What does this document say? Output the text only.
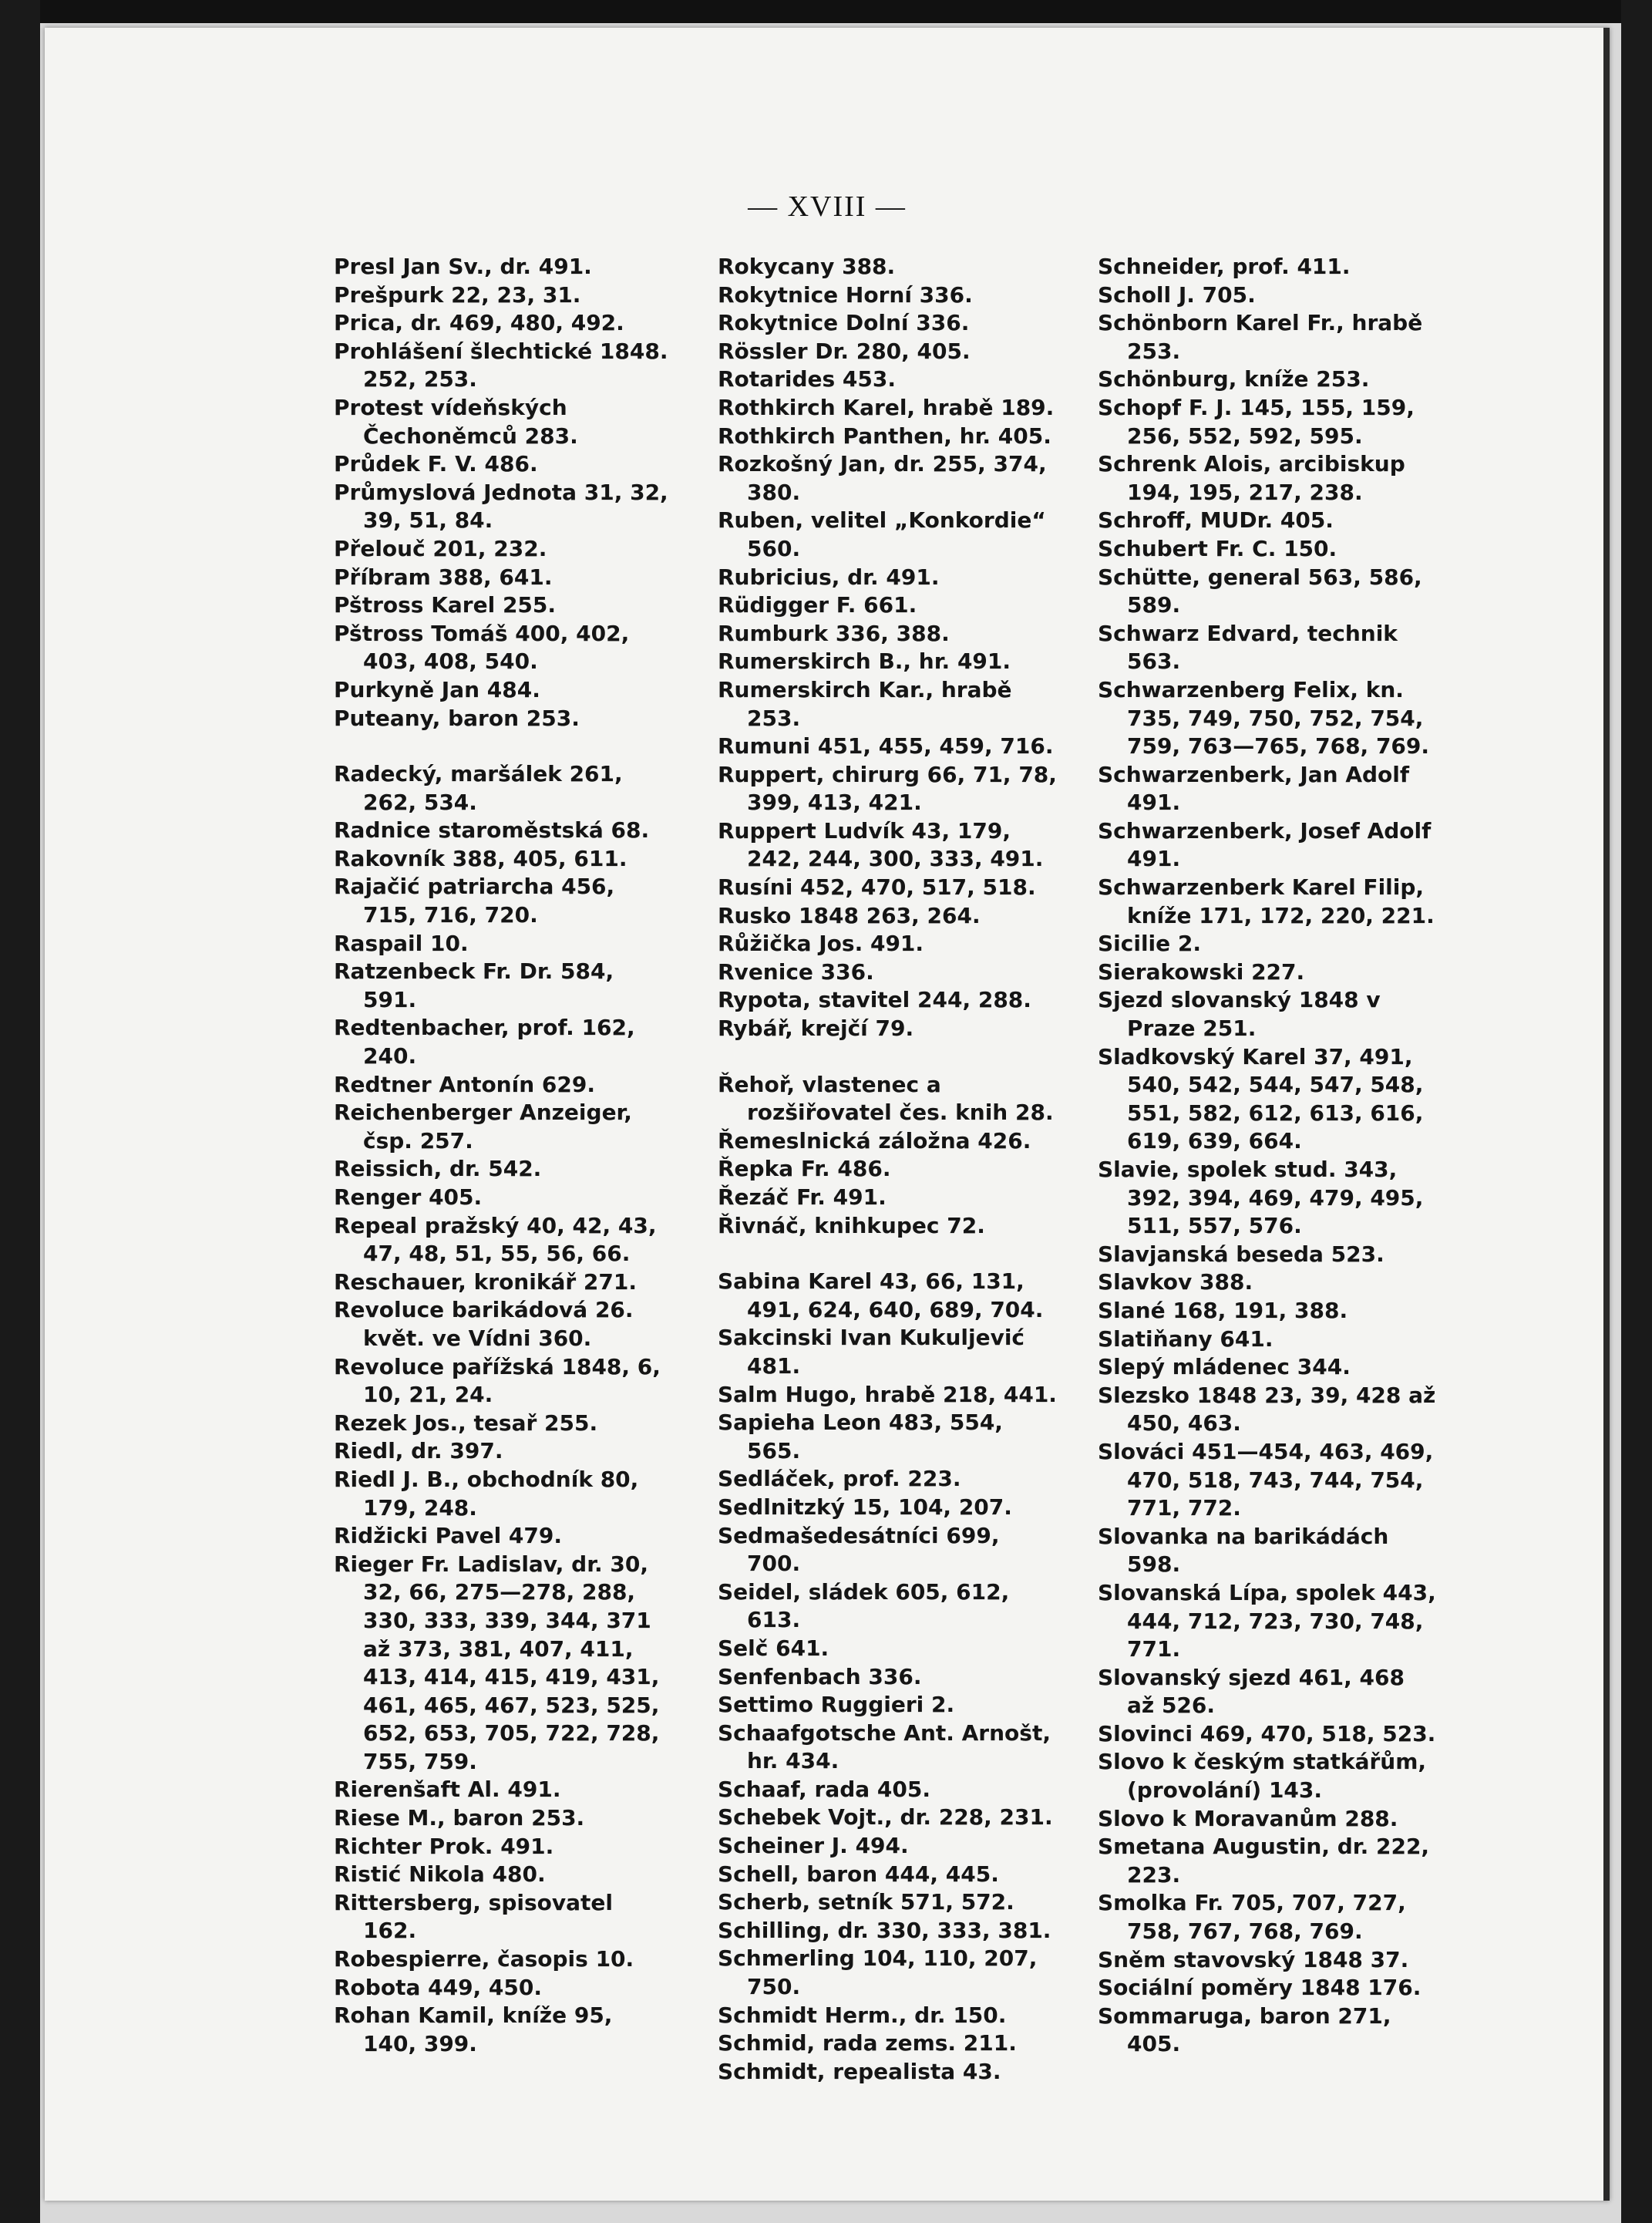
— XVIII —

Presl Jan Sv., dr. 491.

Prešpurk 22, 23, 31.

Prica, dr. 469, 480, 492.

Prohlášení šlechtické 1848. 252, 253.

Protest vídeňských Čechoněmců 283.

Průdek F. V. 486.

Průmyslová Jednota 31, 32, 39, 51, 84.

Přelouč 201, 232.

Příbram 388, 641.

Pštross Karel 255.

Pštross Tomáš 400, 402, 403, 408, 540.

Purkyně Jan 484.

Puteany, baron 253.

Radecký, maršálek 261, 262, 534.

Radnice staroměstská 68.

Rakovník 388, 405, 611.

Rajačić patriarcha 456, 715, 716, 720.

Raspail 10.

Ratzenbeck Fr. Dr. 584, 591.

Redtenbacher, prof. 162, 240.

Redtner Antonín 629.

Reichenberger Anzeiger, čsp. 257.

Reissich, dr. 542.

Renger 405.

Repeal pražský 40, 42, 43, 47, 48, 51, 55, 56, 66.

Reschauer, kronikář 271.

Revoluce barikádová 26. květ. ve Vídni 360.

Revoluce pařížská 1848, 6, 10, 21, 24.

Rezek Jos., tesař 255.

Riedl, dr. 397.

Riedl J. B., obchodník 80, 179, 248.

Ridžicki Pavel 479.

Rieger Fr. Ladislav, dr. 30, 32, 66, 275—278, 288, 330, 333, 339, 344, 371 až 373, 381, 407, 411, 413, 414, 415, 419, 431, 461, 465, 467, 523, 525, 652, 653, 705, 722, 728, 755, 759.

Rierenšaft Al. 491.

Riese M., baron 253.

Richter Prok. 491.

Ristić Nikola 480.

Rittersberg, spisovatel 162.

Robespierre, časopis 10.

Robota 449, 450.

Rohan Kamil, kníže 95, 140, 399.

Rokycany 388.

Rokytnice Horní 336.

Rokytnice Dolní 336.

Rössler Dr. 280, 405.

Rotarides 453.

Rothkirch Karel, hrabě 189.

Rothkirch Panthen, hr. 405.

Rozkošný Jan, dr. 255, 374, 380.

Ruben, velitel „Konkordie“ 560.

Rubricius, dr. 491.

Rüdigger F. 661.

Rumburk 336, 388.

Rumerskirch B., hr. 491.

Rumerskirch Kar., hrabě 253.

Rumuni 451, 455, 459, 716.

Ruppert, chirurg 66, 71, 78, 399, 413, 421.

Ruppert Ludvík 43, 179, 242, 244, 300, 333, 491.

Rusíni 452, 470, 517, 518.

Rusko 1848 263, 264.

Růžička Jos. 491.

Rvenice 336.

Rypota, stavitel 244, 288.

Rybář, krejčí 79.

Řehoř, vlastenec a rozšiřovatel čes. knih 28.

Řemeslnická záložna 426.

Řepka Fr. 486.

Řezáč Fr. 491.

Řivnáč, knihkupec 72.

Sabina Karel 43, 66, 131, 491, 624, 640, 689, 704.

Sakcinski Ivan Kukuljević 481.

Salm Hugo, hrabě 218, 441.

Sapieha Leon 483, 554, 565.

Sedláček, prof. 223.

Sedlnitzký 15, 104, 207.

Sedmašedesátníci 699, 700.

Seidel, sládek 605, 612, 613.

Selč 641.

Senfenbach 336.

Settimo Ruggieri 2.

Schaafgotsche Ant. Arnošt, hr. 434.

Schaaf, rada 405.

Schebek Vojt., dr. 228, 231.

Scheiner J. 494.

Schell, baron 444, 445.

Scherb, setník 571, 572.

Schilling, dr. 330, 333, 381.

Schmerling 104, 110, 207, 750.

Schmidt Herm., dr. 150.

Schmid, rada zems. 211.

Schmidt, repealista 43.

Schneider, prof. 411.

Scholl J. 705.

Schönborn Karel Fr., hrabě 253.

Schönburg, kníže 253.

Schopf F. J. 145, 155, 159, 256, 552, 592, 595.

Schrenk Alois, arcibiskup 194, 195, 217, 238.

Schroff, MUDr. 405.

Schubert Fr. C. 150.

Schütte, general 563, 586, 589.

Schwarz Edvard, technik 563.

Schwarzenberg Felix, kn. 735, 749, 750, 752, 754, 759, 763—765, 768, 769.

Schwarzenberk, Jan Adolf 491.

Schwarzenberk, Josef Adolf 491.

Schwarzenberk Karel Filip, kníže 171, 172, 220, 221.

Sicilie 2.

Sierakowski 227.

Sjezd slovanský 1848 v Praze 251.

Sladkovský Karel 37, 491, 540, 542, 544, 547, 548, 551, 582, 612, 613, 616, 619, 639, 664.

Slavie, spolek stud. 343, 392, 394, 469, 479, 495, 511, 557, 576.

Slavjanská beseda 523.

Slavkov 388.

Slané 168, 191, 388.

Slatiňany 641.

Slepý mládenec 344.

Slezsko 1848 23, 39, 428 až 450, 463.

Slováci 451—454, 463, 469, 470, 518, 743, 744, 754, 771, 772.

Slovanka na barikádách 598.

Slovanská Lípa, spolek 443, 444, 712, 723, 730, 748, 771.

Slovanský sjezd 461, 468 až 526.

Slovinci 469, 470, 518, 523.

Slovo k českým statkářům, (provolání) 143.

Slovo k Moravanům 288.

Smetana Augustin, dr. 222, 223.

Smolka Fr. 705, 707, 727, 758, 767, 768, 769.

Sněm stavovský 1848 37.

Sociální poměry 1848 176.

Sommaruga, baron 271, 405.
